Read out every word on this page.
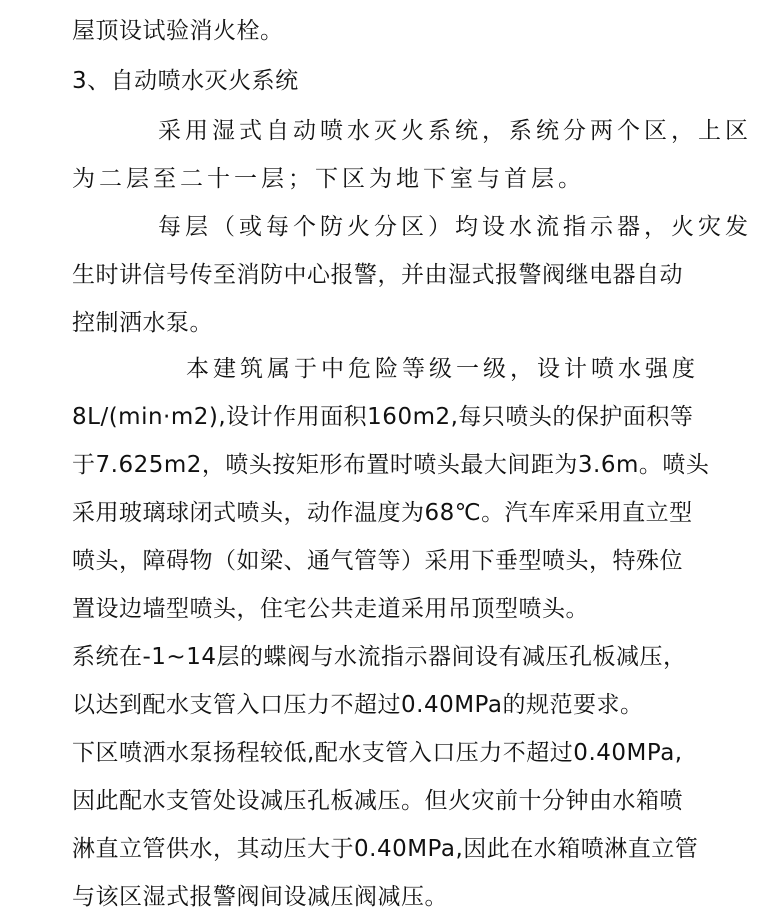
屋顶设试验消火栓。
3、自动喷水灭火系统
采用湿式自动喷水灭火系统，系统分两个区，上区
为二层至二十一层；下区为地下室与首层。
每层（或每个防火分区）均设水流指示器，火灾发
生时讲信号传至消防中心报警，并由湿式报警阀继电器自动
控制洒水泵。
本建筑属于中危险等级一级，设计喷水强度
8L/(min·m2),设计作用面积160m2,每只喷头的保护面积等
于7.625m2，喷头按矩形布置时喷头最大间距为3.6m。喷头
采用玻璃球闭式喷头，动作温度为68℃。汽车库采用直立型
喷头，障碍物（如梁、通气管等）采用下垂型喷头，特殊位
置设边墙型喷头，住宅公共走道采用吊顶型喷头。
系统在-1~14层的蝶阀与水流指示器间设有减压孔板减压，
以达到配水支管入口压力不超过0.40MPa的规范要求。
下区喷洒水泵扬程较低,配水支管入口压力不超过0.40MPa,
因此配水支管处设减压孔板减压。但火灾前十分钟由水箱喷
淋直立管供水，其动压大于0.40MPa,因此在水箱喷淋直立管
与该区湿式报警阀间设减压阀减压。
